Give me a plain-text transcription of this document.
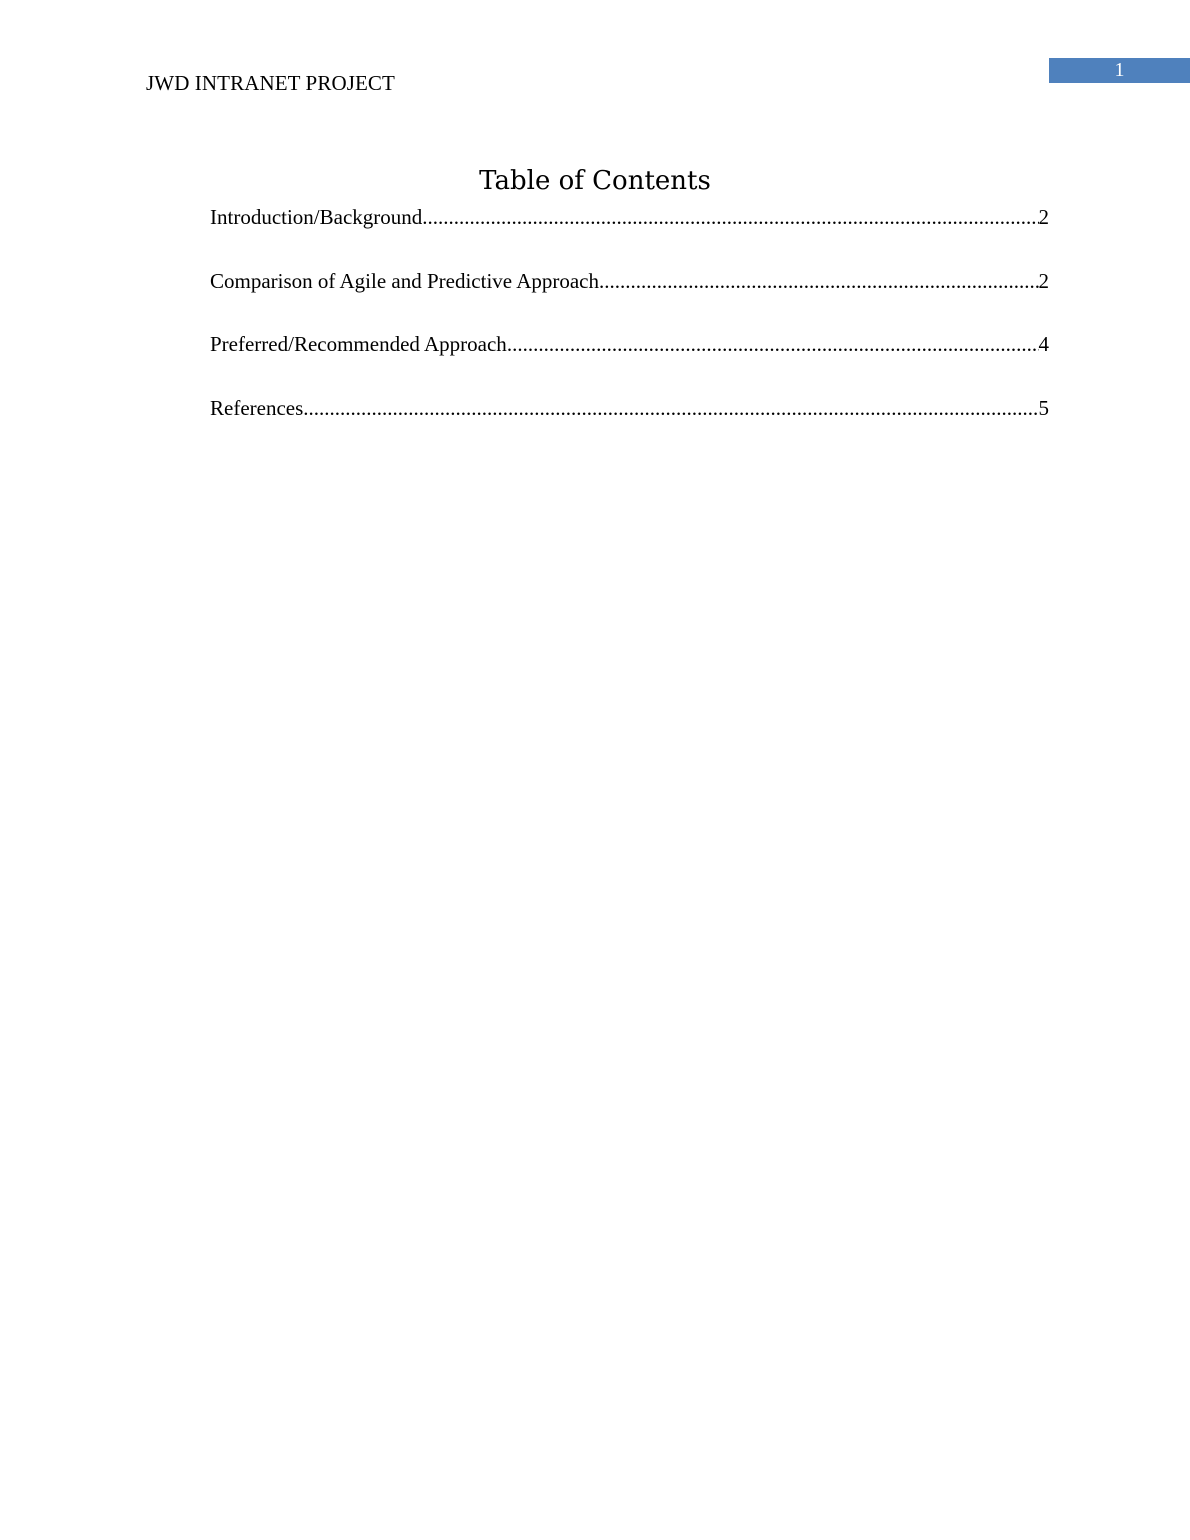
JWD INTRANET PROJECT
1
Table of Contents
Introduction/Background .....	2
Comparison of Agile and Predictive Approach .....	2
Preferred/Recommended Approach .....	4
References .....	5
